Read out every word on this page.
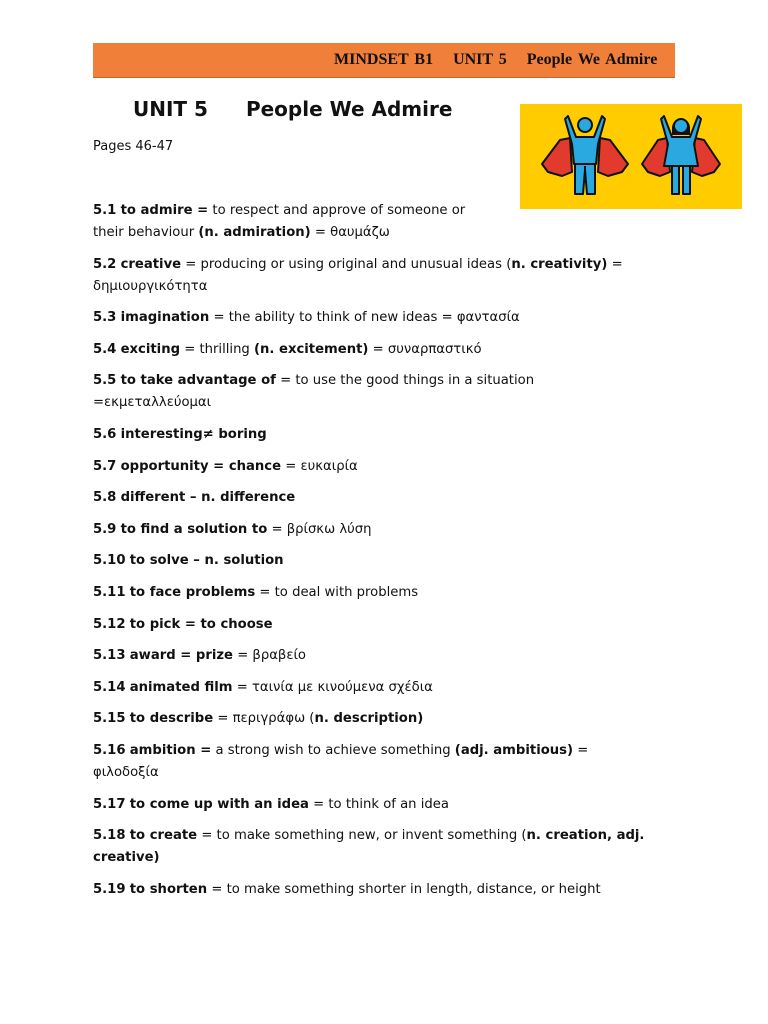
MINDSET B1 UNIT 5 People We Admire
UNIT 5 People We Admire
Pages 46-47
5.1 to admire = to respect and approve of someone or their behaviour (n. admiration) = θαυμάζω
5.2 creative = producing or using original and unusual ideas (n. creativity) = δημιουργικότητα
5.3 imagination = the ability to think of new ideas = φαντασία
5.4 exciting = thrilling (n. excitement) = συναρπαστικό
5.5 to take advantage of = to use the good things in a situation =εκμεταλλεύομαι
5.6 interesting≠ boring
5.7 opportunity = chance = ευκαιρία
5.8 different – n. difference
5.9 to find a solution to = βρίσκω λύση
5.10 to solve – n. solution
5.11 to face problems = to deal with problems
5.12 to pick = to choose
5.13 award = prize = βραβείο
5.14 animated film = ταινία με κινούμενα σχέδια
5.15 to describe = περιγράφω (n. description)
5.16 ambition = a strong wish to achieve something (adj. ambitious) = φιλοδοξία
5.17 to come up with an idea = to think of an idea
5.18 to create = to make something new, or invent something (n. creation, adj. creative)
5.19 to shorten = to make something shorter in length, distance, or height
